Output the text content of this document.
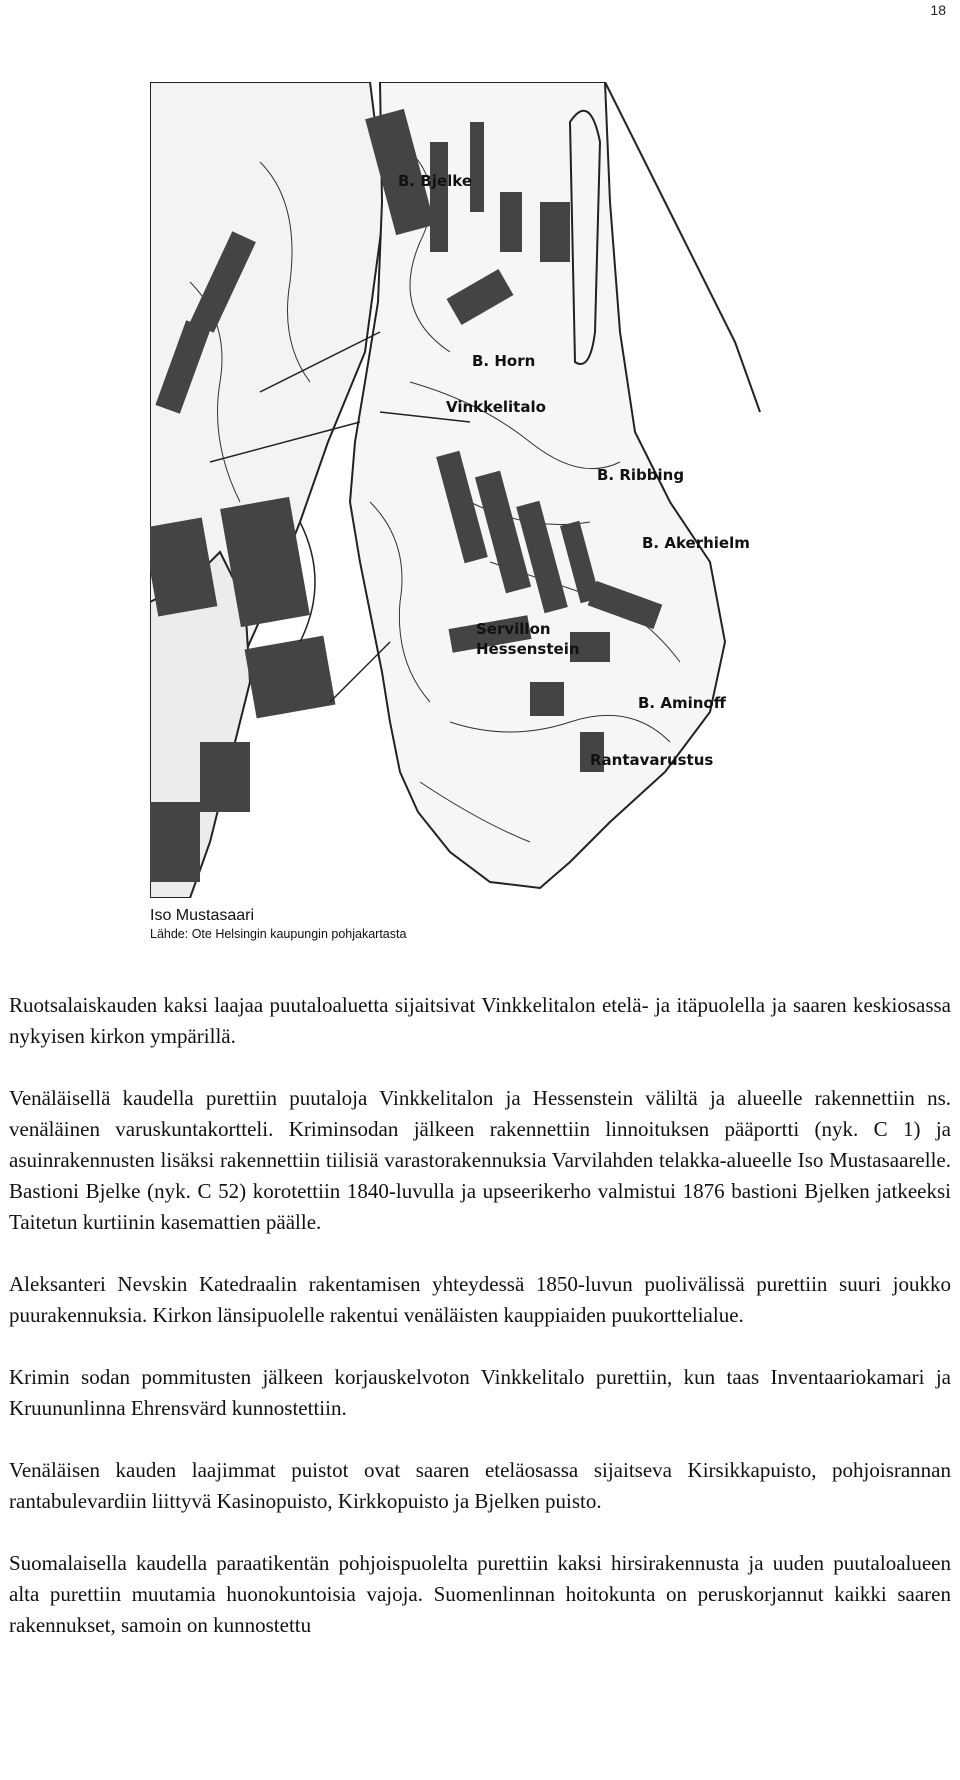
18
B. Bjelke
B. Horn
Vinkkelitalo
B. Ribbing
B. Akerhielm
Servillon
Hessenstein
B. Aminoff
Rantavarustus
Iso Mustasaari
Lähde: Ote Helsingin kaupungin pohjakartasta

Ruotsalaiskauden kaksi laajaa puutaloaluetta sijaitsivat Vinkkelitalon etelä- ja itäpuolella ja saaren keskiosassa nykyisen kirkon ympärillä.

Venäläisellä kaudella purettiin puutaloja Vinkkelitalon ja Hessenstein väliltä ja alueelle rakennettiin ns. venäläinen varuskuntakortteli. Kriminsodan jälkeen rakennettiin linnoituksen pääportti (nyk. C 1) ja asuinrakennusten lisäksi rakennettiin tiilisiä varastorakennuksia Varvilahden telakka-alueelle Iso Mustasaarelle. Bastioni Bjelke (nyk. C 52) korotettiin 1840-luvulla ja upseerikerho valmistui 1876 bastioni Bjelken jatkeeksi Taitetun kurtiinin kasemattien päälle.

Aleksanteri Nevskin Katedraalin rakentamisen yhteydessä 1850-luvun puolivälissä purettiin suuri joukko puurakennuksia. Kirkon länsipuolelle rakentui venäläisten kauppiaiden puukorttelialue.

Krimin sodan pommitusten jälkeen korjauskelvoton Vinkkelitalo purettiin, kun taas Inventaariokamari ja Kruununlinna Ehrensvärd kunnostettiin.

Venäläisen kauden laajimmat puistot ovat saaren eteläosassa sijaitseva Kirsikkapuisto, pohjoisrannan rantabulevardiin liittyvä Kasinopuisto, Kirkkopuisto ja Bjelken puisto.

Suomalaisella kaudella paraatikentän pohjoispuolelta purettiin kaksi hirsirakennusta ja uuden puutaloalueen alta purettiin muutamia huonokuntoisia vajoja. Suomenlinnan hoitokunta on peruskorjannut kaikki saaren rakennukset, samoin on kunnostettu
